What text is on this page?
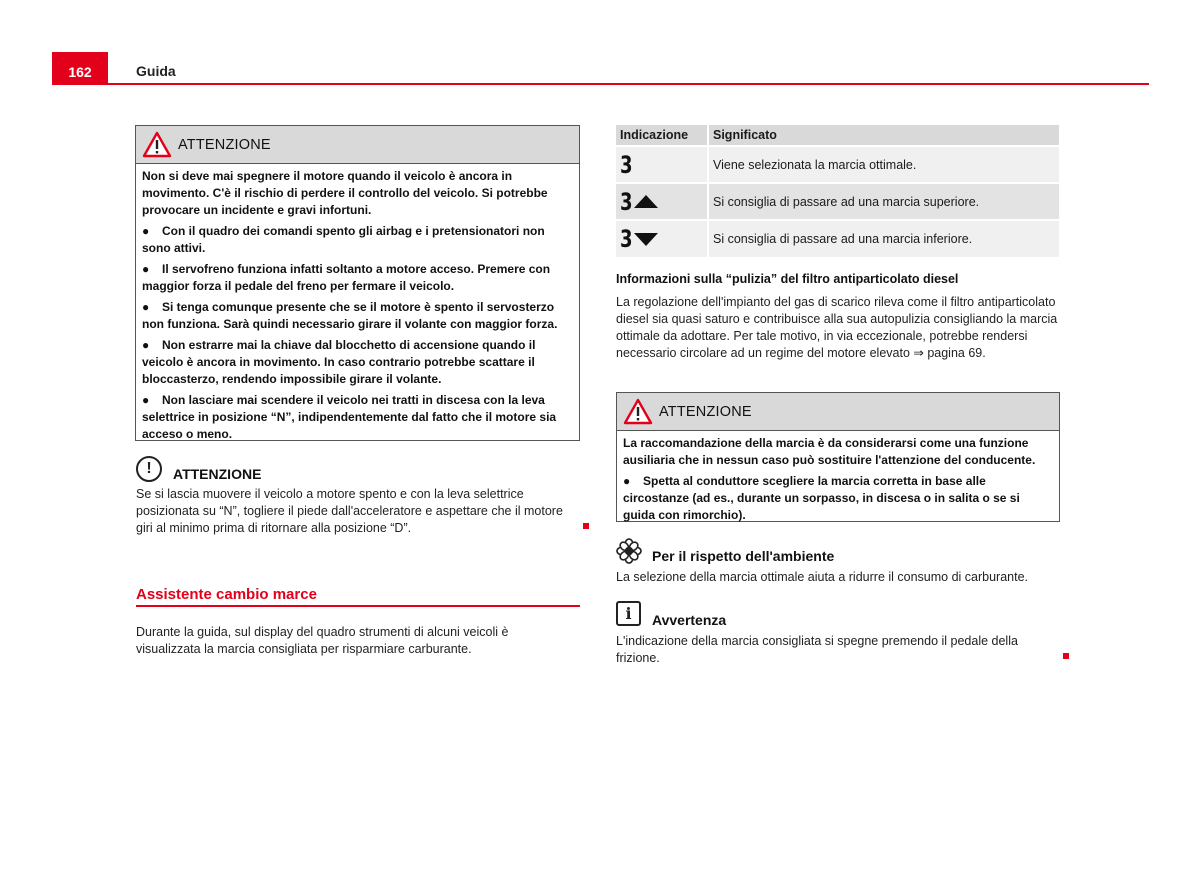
162	Guida
ATTENZIONE

Non si deve mai spegnere il motore quando il veicolo è ancora in movimento. C'è il rischio di perdere il controllo del veicolo. Si potrebbe provocare un incidente e gravi infortuni.

● Con il quadro dei comandi spento gli airbag e i pretensionatori non sono attivi.

● Il servofreno funziona infatti soltanto a motore acceso. Premere con maggior forza il pedale del freno per fermare il veicolo.

● Si tenga comunque presente che se il motore è spento il servosterzo non funziona. Sarà quindi necessario girare il volante con maggior forza.

● Non estrarre mai la chiave dal blocchetto di accensione quando il veicolo è ancora in movimento. In caso contrario potrebbe scattare il bloccasterzo, rendendo impossibile girare il volante.

● Non lasciare mai scendere il veicolo nei tratti in discesa con la leva selettrice in posizione “N”, indipendentemente dal fatto che il motore sia acceso o meno.

!	ATTENZIONE
Se si lascia muovere il veicolo a motore spento e con la leva selettrice posizionata su “N”, togliere il piede dall'acceleratore e aspettare che il motore giri al minimo prima di ritornare alla posizione “D”.
Assistente cambio marce
Durante la guida, sul display del quadro strumenti di alcuni veicoli è visualizzata la marcia consigliata per risparmiare carburante.
Indicazione	Significato
3	Viene selezionata la marcia ottimale.
3	Si consiglia di passare ad una marcia superiore.
3	Si consiglia di passare ad una marcia inferiore.
Informazioni sulla “pulizia” del filtro antiparticolato diesel
La regolazione dell'impianto del gas di scarico rileva come il filtro antiparticolato diesel sia quasi saturo e contribuisce alla sua autopulizia consigliando la marcia ottimale da adottare. Per tale motivo, in via eccezionale, potrebbe rendersi necessario circolare ad un regime del motore elevato ⇒ pagina 69.
ATTENZIONE

La raccomandazione della marcia è da considerarsi come una funzione ausiliaria che in nessun caso può sostituire l'attenzione del conducente.

● Spetta al conduttore scegliere la marcia corretta in base alle circostanze (ad es., durante un sorpasso, in discesa o in salita o se si guida con rimorchio).

Per il rispetto dell'ambiente
La selezione della marcia ottimale aiuta a ridurre il consumo di carburante.
i	Avvertenza
L'indicazione della marcia consigliata si spegne premendo il pedale della frizione.
